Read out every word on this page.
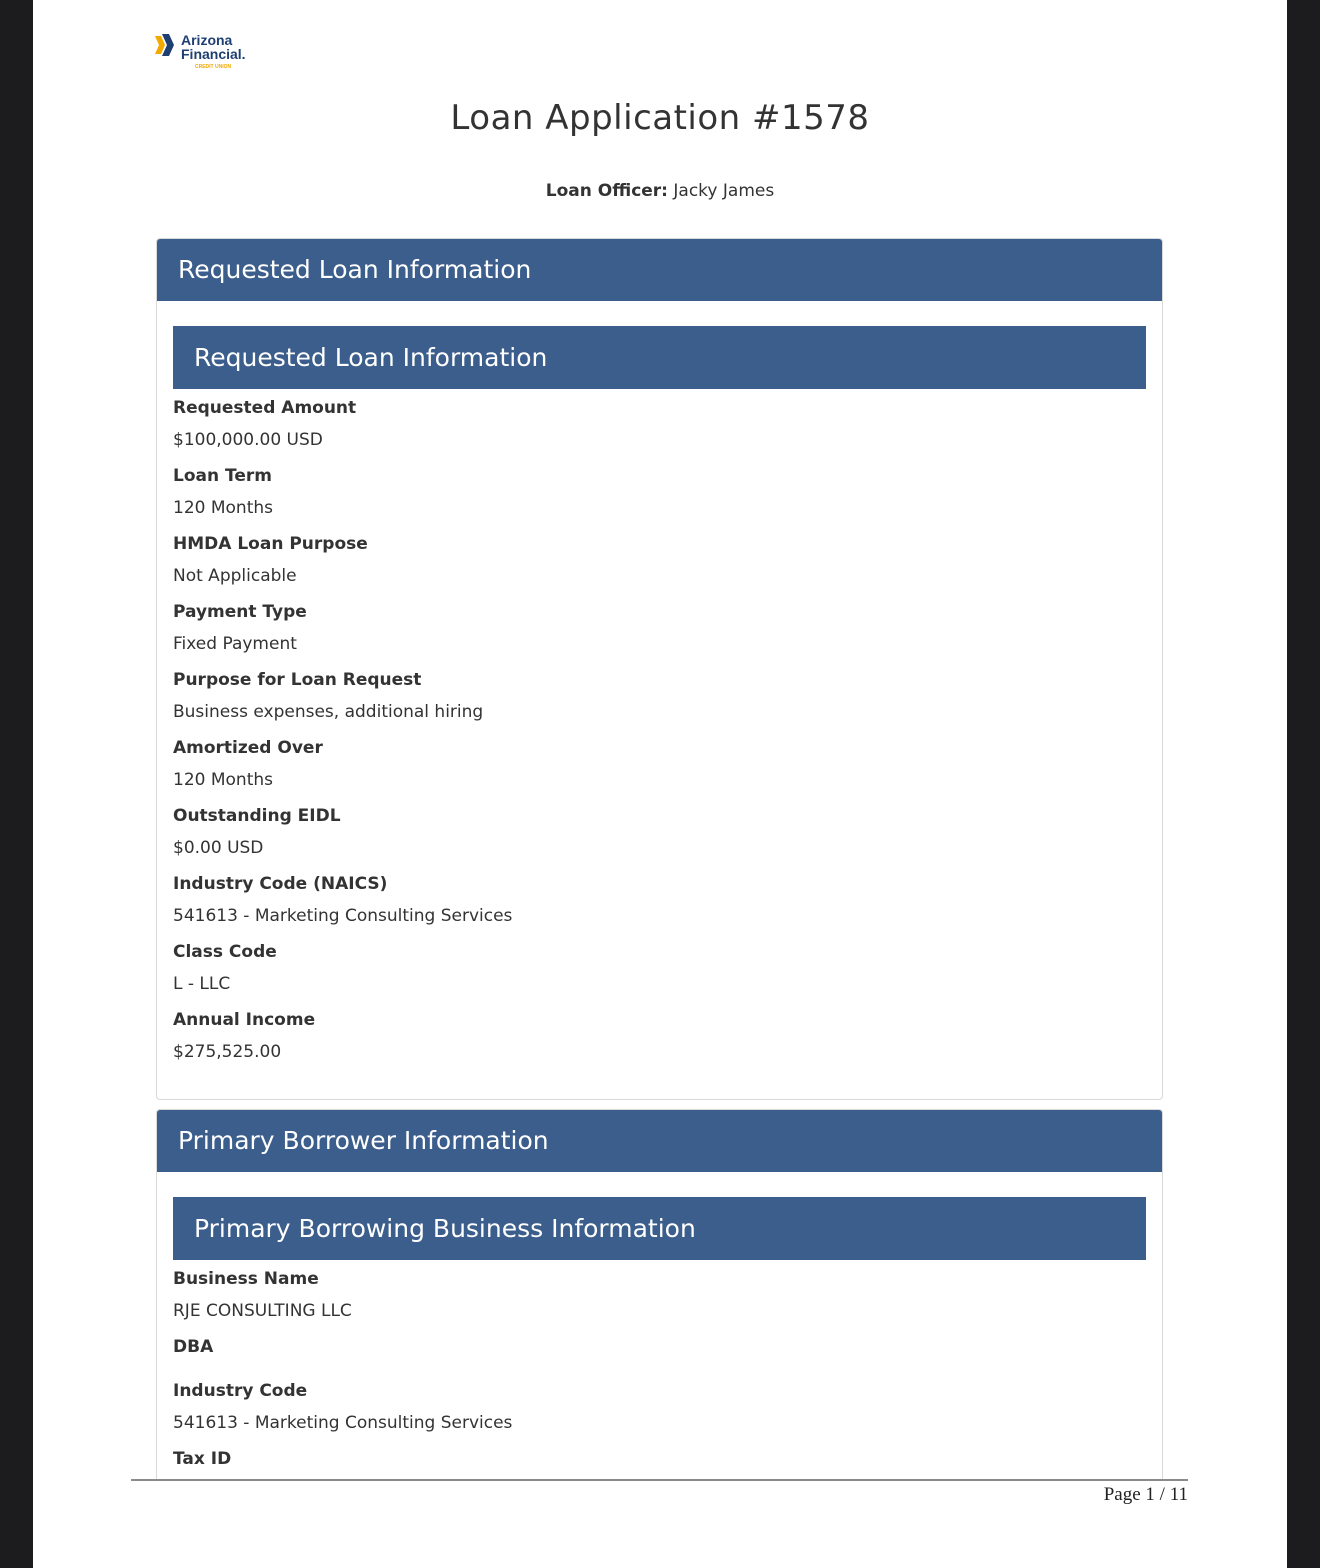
Arizona
Financial.
CREDIT UNION
Loan Application #1578
Loan Officer: Jacky James
Requested Loan Information
Requested Loan Information
Requested Amount
$100,000.00 USD
Loan Term
120 Months
HMDA Loan Purpose
Not Applicable
Payment Type
Fixed Payment
Purpose for Loan Request
Business expenses, additional hiring
Amortized Over
120 Months
Outstanding EIDL
$0.00 USD
Industry Code (NAICS)
541613 - Marketing Consulting Services
Class Code
L - LLC
Annual Income
$275,525.00
Primary Borrower Information
Primary Borrowing Business Information
Business Name
RJE CONSULTING LLC
DBA
Industry Code
541613 - Marketing Consulting Services
Tax ID
Page 1 / 11
